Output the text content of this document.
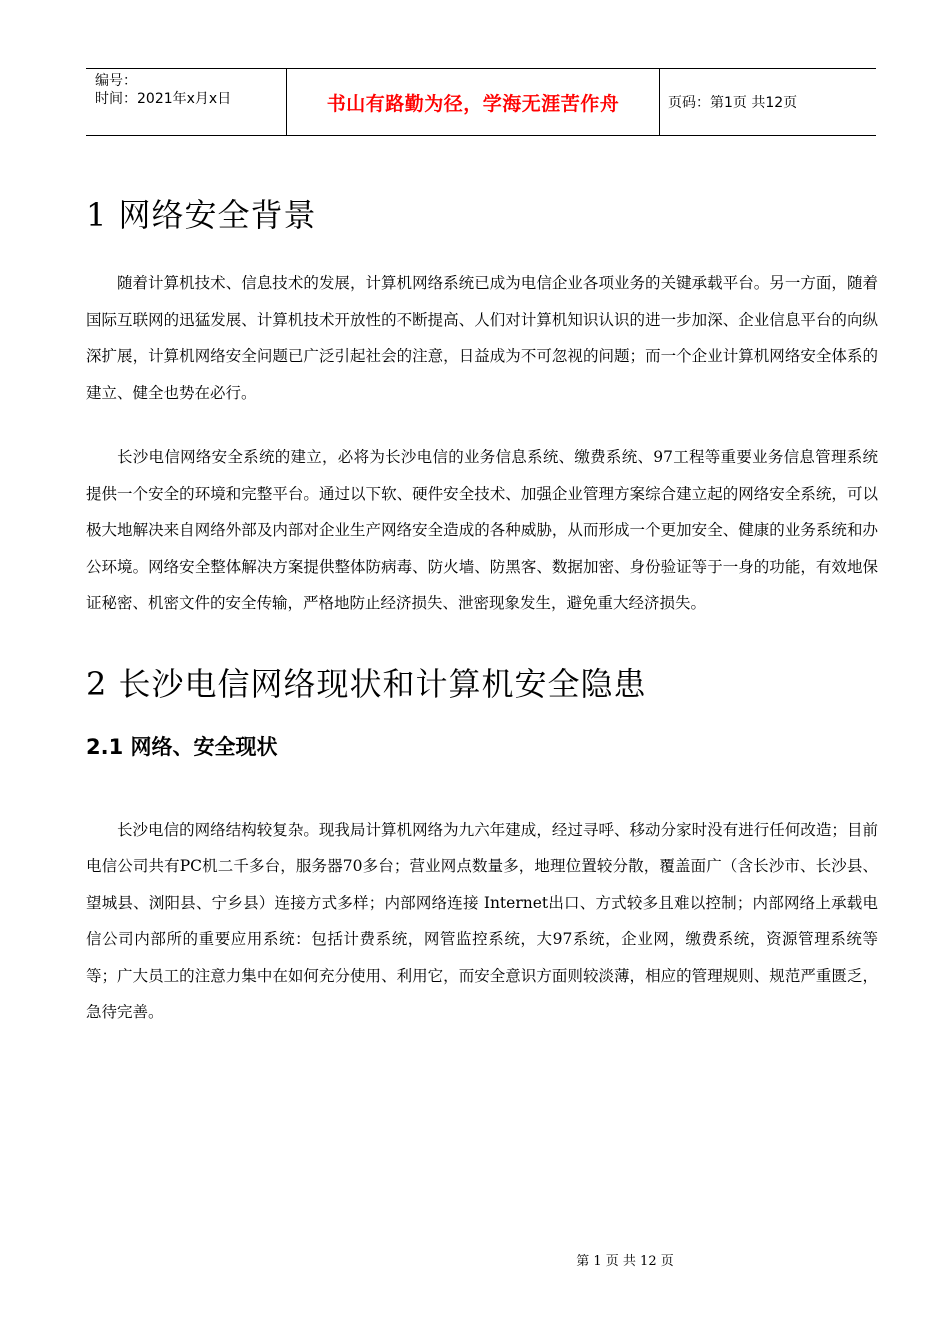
编号：
时间：2021年x月x日	书山有路勤为径，学海无涯苦作舟	页码：第1页 共12页
1 网络安全背景

随着计算机技术、信息技术的发展，计算机网络系统已成为电信企业各项业务的关键承载平台。另一方面，随着国际互联网的迅猛发展、计算机技术开放性的不断提高、人们对计算机知识认识的进一步加深、企业信息平台的向纵深扩展，计算机网络安全问题已广泛引起社会的注意，日益成为不可忽视的问题；而一个企业计算机网络安全体系的建立、健全也势在必行。

长沙电信网络安全系统的建立，必将为长沙电信的业务信息系统、缴费系统、97工程等重要业务信息管理系统提供一个安全的环境和完整平台。通过以下软、硬件安全技术、加强企业管理方案综合建立起的网络安全系统，可以极大地解决来自网络外部及内部对企业生产网络安全造成的各种威胁，从而形成一个更加安全、健康的业务系统和办公环境。网络安全整体解决方案提供整体防病毒、防火墙、防黑客、数据加密、身份验证等于一身的功能，有效地保证秘密、机密文件的安全传输，严格地防止经济损失、泄密现象发生，避免重大经济损失。

2 长沙电信网络现状和计算机安全隐患
2.1 网络、安全现状

长沙电信的网络结构较复杂。现我局计算机网络为九六年建成，经过寻呼、移动分家时没有进行任何改造；目前电信公司共有PC机二千多台，服务器70多台；营业网点数量多，地理位置较分散，覆盖面广（含长沙市、长沙县、望城县、浏阳县、宁乡县）连接方式多样；内部网络连接 Internet出口、方式较多且难以控制；内部网络上承载电信公司内部所的重要应用系统：包括计费系统，网管监控系统，大97系统，企业网，缴费系统，资源管理系统等等；广大员工的注意力集中在如何充分使用、利用它，而安全意识方面则较淡薄，相应的管理规则、规范严重匮乏，急待完善。

第 1 页 共 12 页
